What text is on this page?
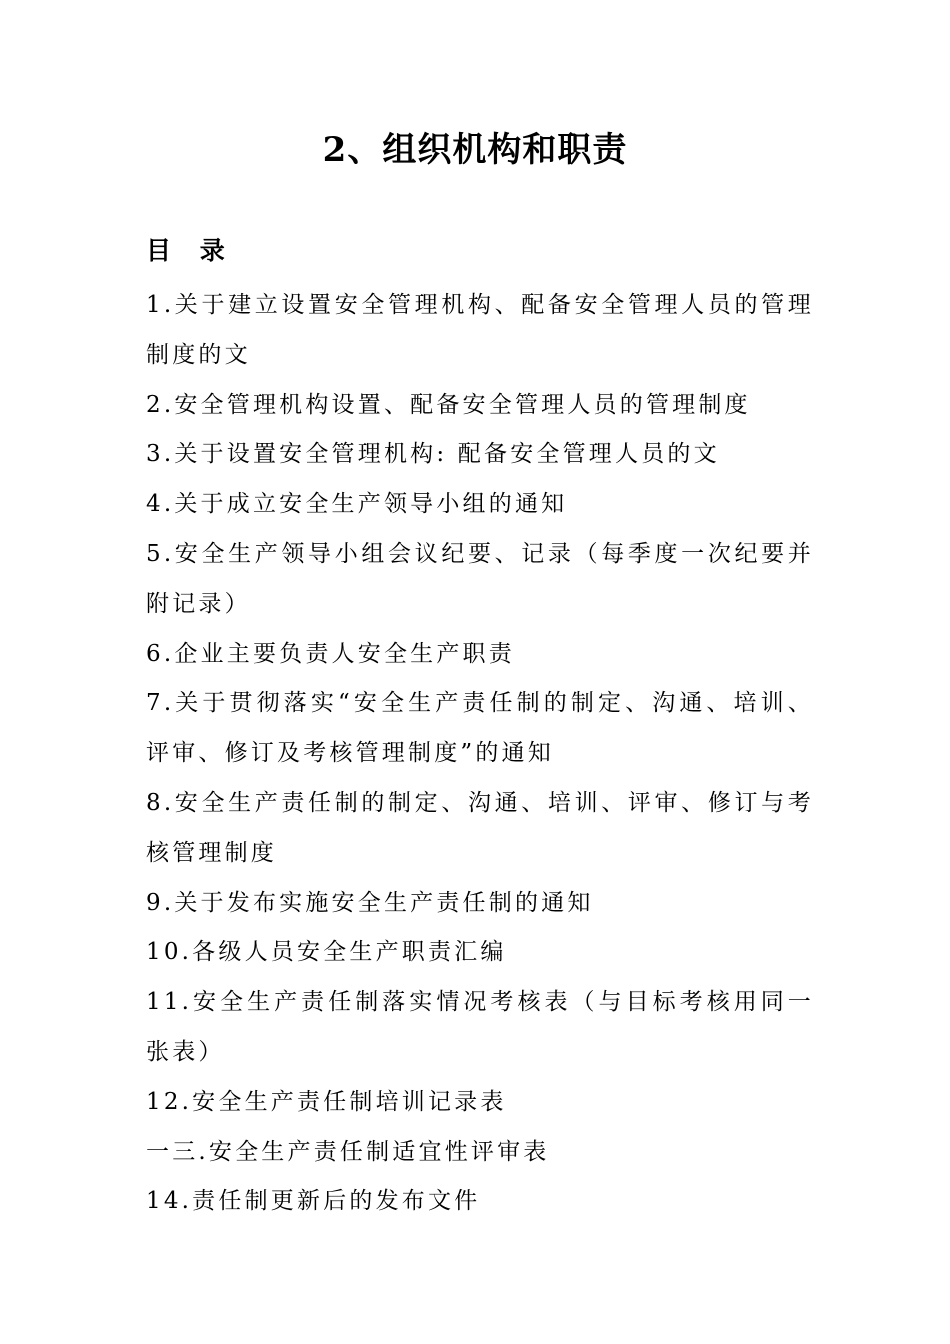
2、组织机构和职责
目 录
1.关于建立设置安全管理机构、配备安全管理人员的管理制度的文
2.安全管理机构设置、配备安全管理人员的管理制度
3.关于设置安全管理机构: 配备安全管理人员的文
4.关于成立安全生产领导小组的通知
5.安全生产领导小组会议纪要、记录（每季度一次纪要并附记录）
6.企业主要负责人安全生产职责
7.关于贯彻落实“安全生产责任制的制定、沟通、培训、评审、修订及考核管理制度”的通知
8.安全生产责任制的制定、沟通、培训、评审、修订与考核管理制度
9.关于发布实施安全生产责任制的通知
10.各级人员安全生产职责汇编
11.安全生产责任制落实情况考核表（与目标考核用同一张表）
12.安全生产责任制培训记录表
一三.安全生产责任制适宜性评审表
14.责任制更新后的发布文件
